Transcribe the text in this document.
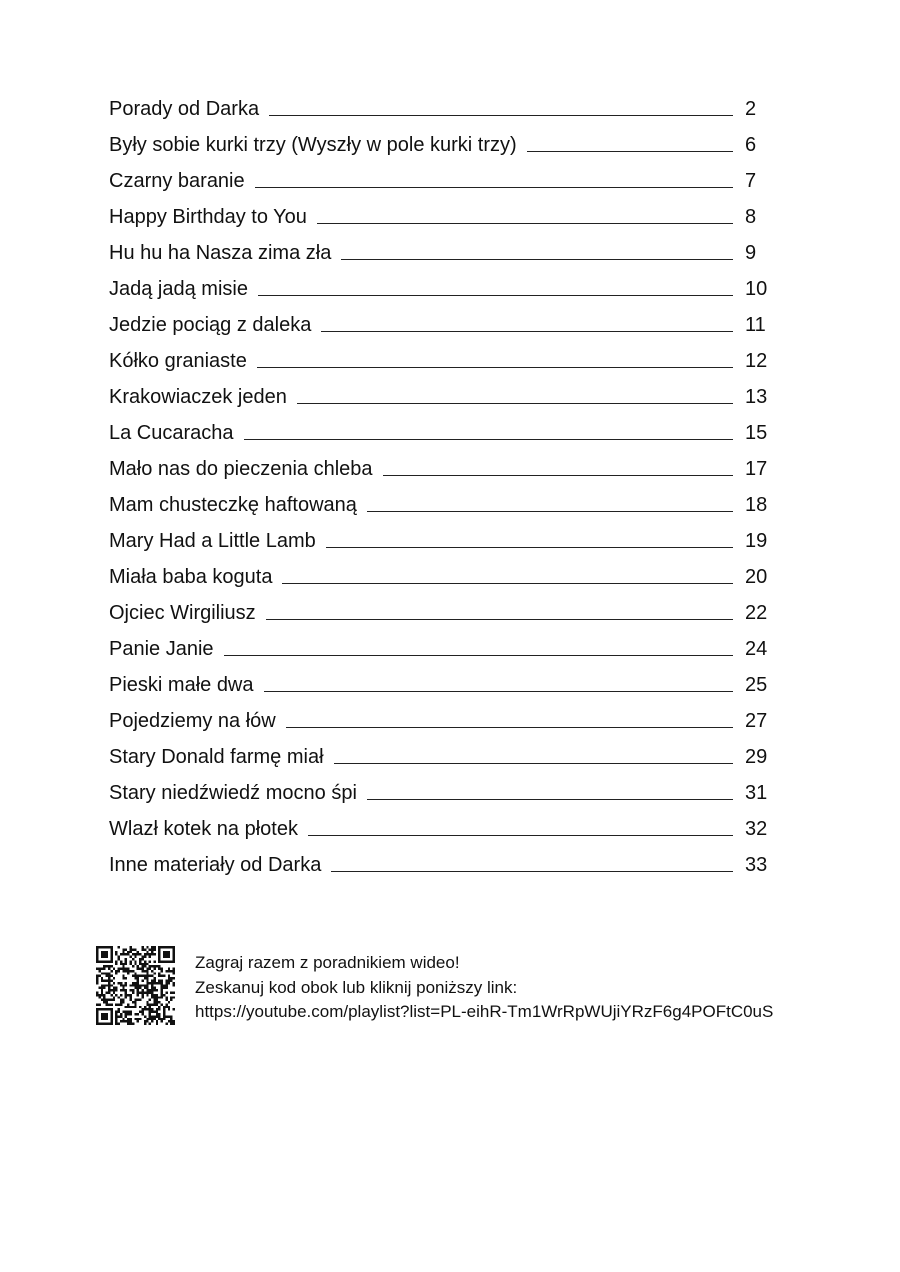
Porady od Darka	2
Były sobie kurki trzy (Wyszły w pole kurki trzy)	6
Czarny baranie	7
Happy Birthday to You	8
Hu hu ha Nasza zima zła	9
Jadą jadą misie	10
Jedzie pociąg z daleka	11
Kółko graniaste	12
Krakowiaczek jeden	13
La Cucaracha	15
Mało nas do pieczenia chleba	17
Mam chusteczkę haftowaną	18
Mary Had a Little Lamb	19
Miała baba koguta	20
Ojciec Wirgiliusz	22
Panie Janie	24
Pieski małe dwa	25
Pojedziemy na łów	27
Stary Donald farmę miał	29
Stary niedźwiedź mocno śpi	31
Wlazł kotek na płotek	32
Inne materiały od Darka	33
Zagraj razem z poradnikiem wideo!
Zeskanuj kod obok lub kliknij poniższy link:
https://youtube.com/playlist?list=PL-eihR-Tm1WrRpWUjiYRzF6g4POFtC0uS
